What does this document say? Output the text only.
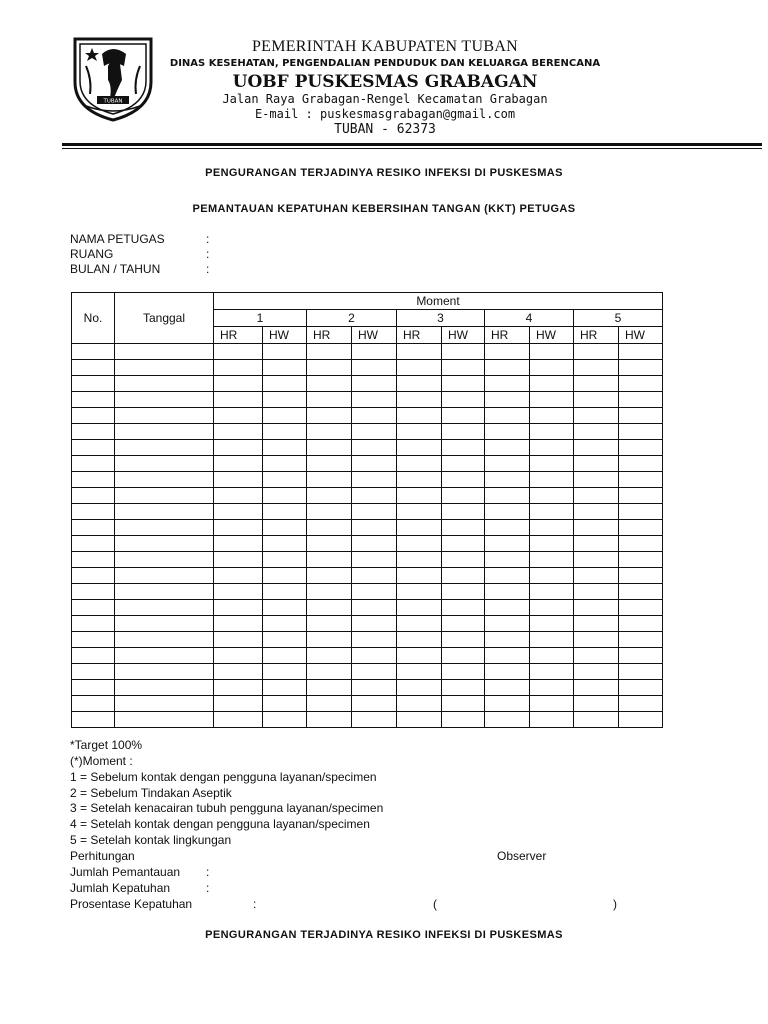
TUBAN
PEMERINTAH KABUPATEN TUBAN
DINAS KESEHATAN, PENGENDALIAN PENDUDUK DAN KELUARGA BERENCANA
UOBF PUSKESMAS GRABAGAN
Jalan Raya Grabagan-Rengel Kecamatan Grabagan
E-mail : puskesmasgrabagan@gmail.com
TUBAN - 62373
PENGURANGAN TERJADINYA RESIKO INFEKSI DI PUSKESMAS
PEMANTAUAN KEPATUHAN KEBERSIHAN TANGAN (KKT) PETUGAS
NAMA PETUGAS	:
RUANG	:
BULAN / TAHUN	:
No.	Tanggal	Moment									
		1		2		3		4		5	
		HR	HW	HR	HW	HR	HW	HR	HW	HR	HW

*Target 100%
(*)Moment :
1 = Sebelum kontak dengan pengguna layanan/specimen
2 = Sebelum Tindakan Aseptik
3 = Setelah kenacairan tubuh pengguna layanan/specimen
4 = Setelah kontak dengan pengguna layanan/specimen
5 = Setelah kontak lingkungan
Perhitungan	Observer
Jumlah Pemantauan :
Jumlah Kepatuhan	:
Prosentase Kepatuhan	:	(	)
PENGURANGAN TERJADINYA RESIKO INFEKSI DI PUSKESMAS
